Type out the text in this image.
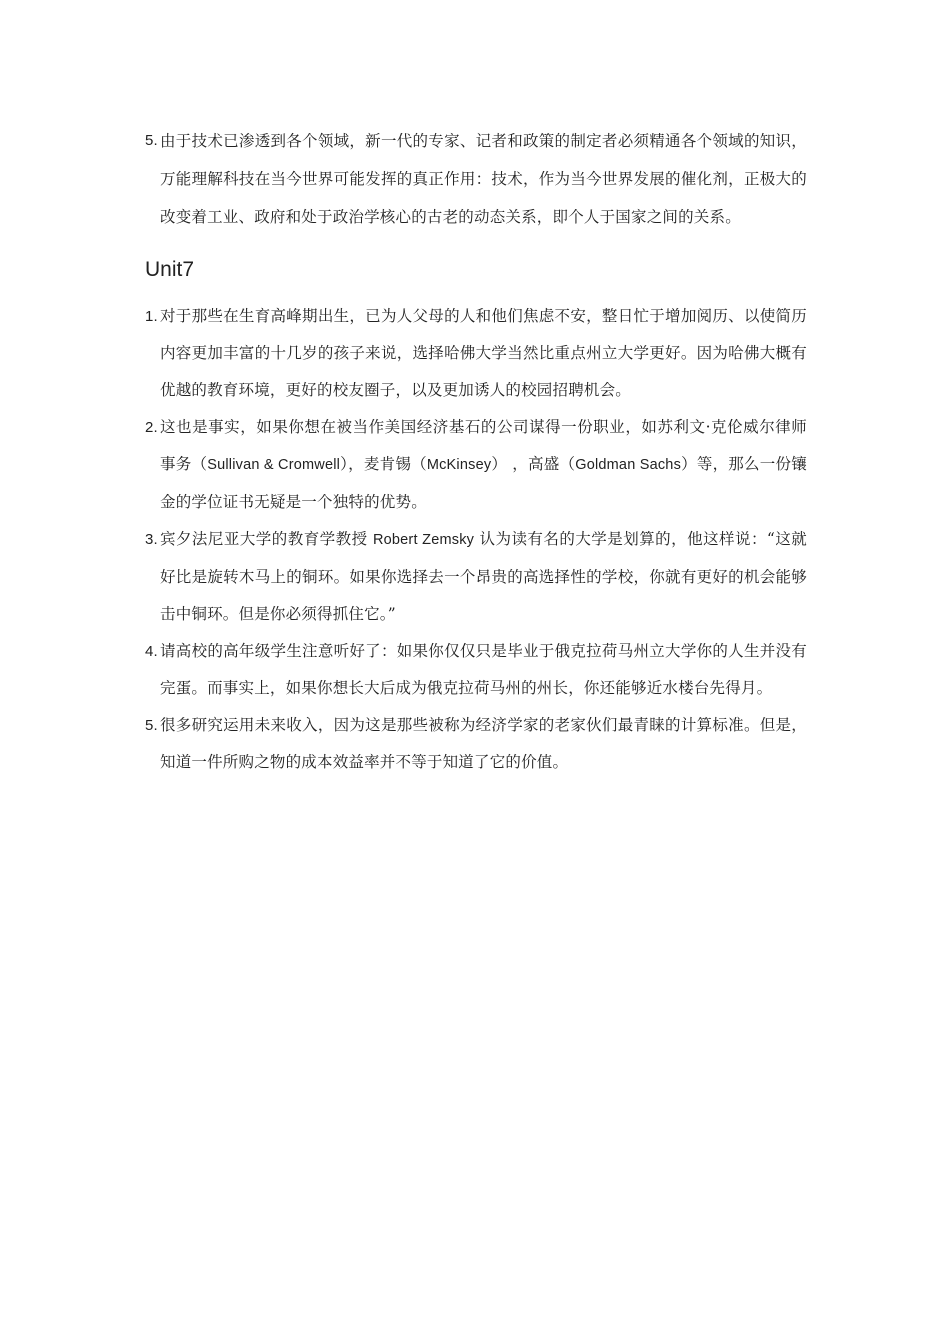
5. 由于技术已渗透到各个领域，新一代的专家、记者和政策的制定者必须精通各个领域的知识，万能理解科技在当今世界可能发挥的真正作用：技术，作为当今世界发展的催化剂，正极大的改变着工业、政府和处于政治学核心的古老的动态关系，即个人于国家之间的关系。
Unit7
1. 对于那些在生育高峰期出生，已为人父母的人和他们焦虑不安，整日忙于增加阅历、以使简历内容更加丰富的十几岁的孩子来说，选择哈佛大学当然比重点州立大学更好。因为哈佛大概有优越的教育环境，更好的校友圈子，以及更加诱人的校园招聘机会。
2. 这也是事实，如果你想在被当作美国经济基石的公司谋得一份职业，如苏利文·克伦威尔律师事务（Sullivan & Cromwell），麦肯锡（McKinsey） ，高盛（Goldman Sachs）等，那么一份镶金的学位证书无疑是一个独特的优势。
3. 宾夕法尼亚大学的教育学教授 Robert Zemsky 认为读有名的大学是划算的，他这样说：“这就好比是旋转木马上的铜环。如果你选择去一个昂贵的高选择性的学校，你就有更好的机会能够击中铜环。但是你必须得抓住它。”
4. 请高校的高年级学生注意听好了：如果你仅仅只是毕业于俄克拉荷马州立大学你的人生并没有完蛋。而事实上，如果你想长大后成为俄克拉荷马州的州长，你还能够近水楼台先得月。
5. 很多研究运用未来收入，因为这是那些被称为经济学家的老家伙们最青睐的计算标准。但是，知道一件所购之物的成本效益率并不等于知道了它的价值。
